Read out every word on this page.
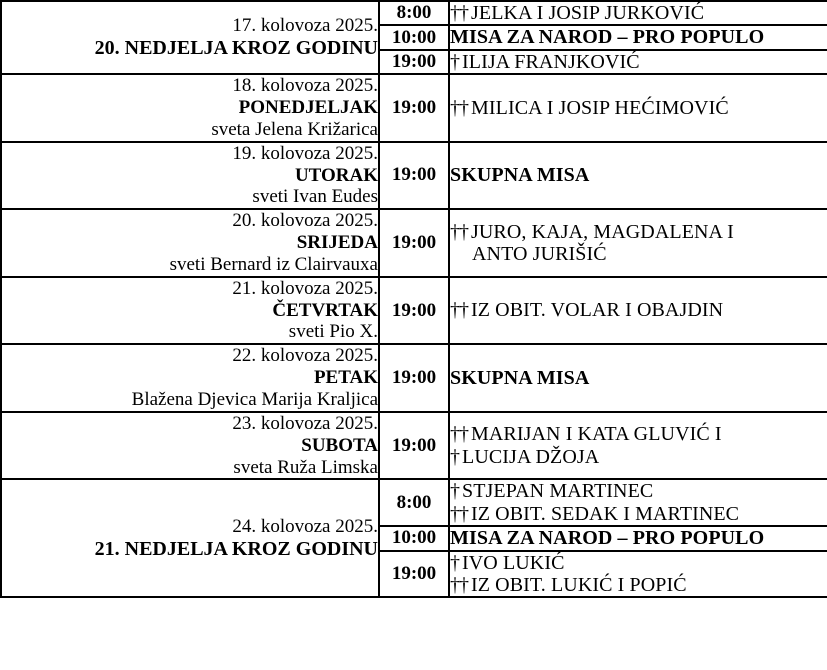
17. kolovoza 2025.
20. NEDJELJA KROZ GODINU	8:00	†† JELKA I JOSIP JURKOVIĆ

	10:00	MISA ZA NAROD – PRO POPULO

	19:00	† ILIJA FRANJKOVIĆ

18. kolovoza 2025.
PONEDJELJAK
sveta Jelena Križarica	19:00	†† MILICA I JOSIP HEĆIMOVIĆ

19. kolovoza 2025.
UTORAK
sveti Ivan Eudes	19:00	SKUPNA MISA

20. kolovoza 2025.
SRIJEDA
sveti Bernard iz Clairvauxa	19:00	†† JURO, KAJA, MAGDALENA I
ANTO JURIŠIĆ

21. kolovoza 2025.
ČETVRTAK
sveti Pio X.	19:00	†† IZ OBIT. VOLAR I OBAJDIN

22. kolovoza 2025.
PETAK
Blažena Djevica Marija Kraljica	19:00	SKUPNA MISA

23. kolovoza 2025.
SUBOTA
sveta Ruža Limska	19:00	†† MARIJAN I KATA GLUVIĆ I
† LUCIJA DŽOJA

24. kolovoza 2025.
21. NEDJELJA KROZ GODINU	8:00	† STJEPAN MARTINEC
†† IZ OBIT. SEDAK I MARTINEC

	10:00	MISA ZA NAROD – PRO POPULO

	19:00	† IVO LUKIĆ
†† IZ OBIT. LUKIĆ I POPIĆ
